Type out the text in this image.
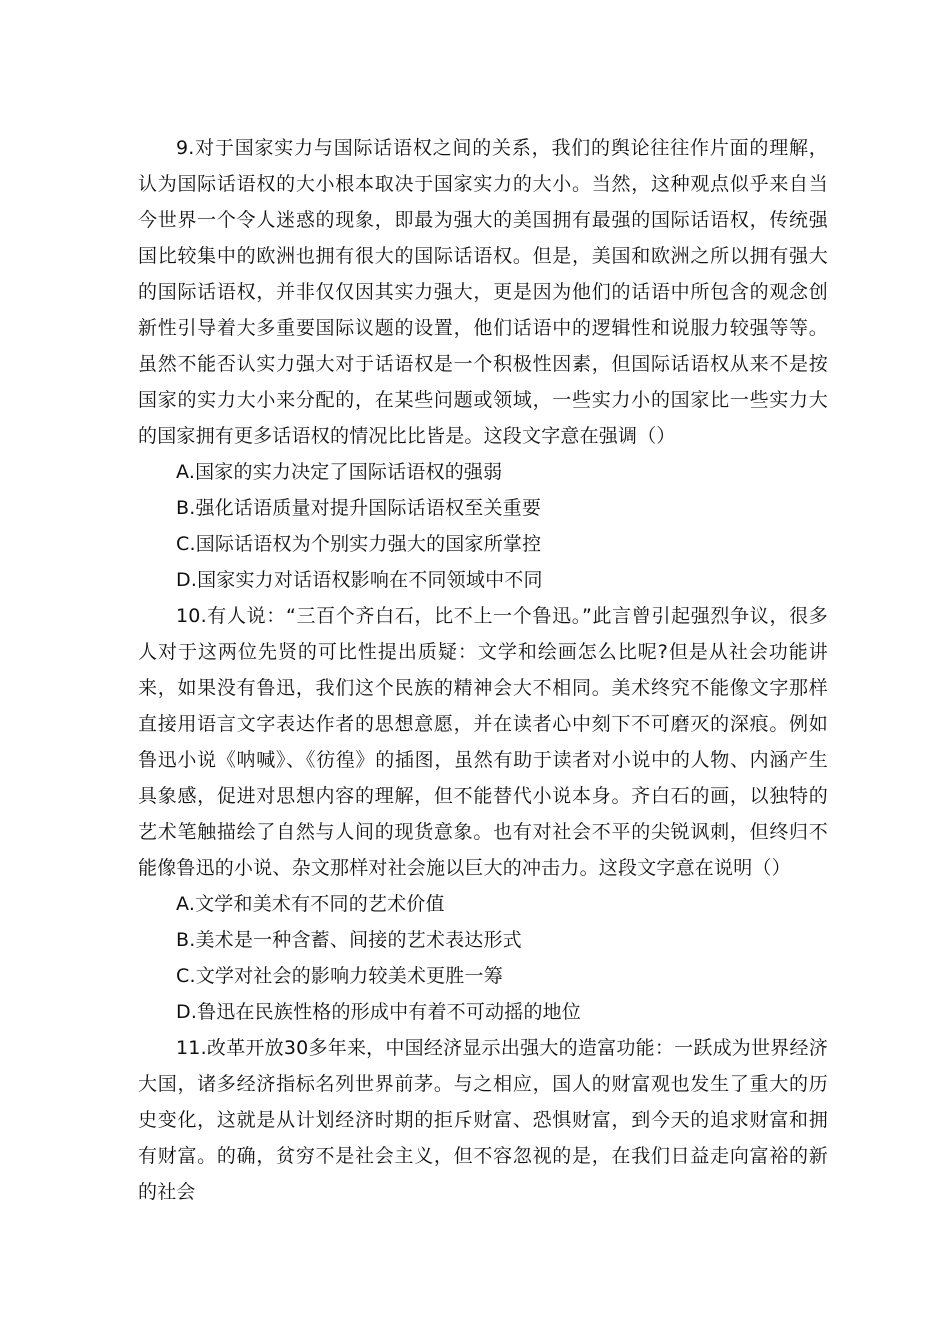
9.对于国家实力与国际话语权之间的关系，我们的舆论往往作片面的理解，认为国际话语权的大小根本取决于国家实力的大小。当然，这种观点似乎来自当今世界一个令人迷惑的现象，即最为强大的美国拥有最强的国际话语权，传统强国比较集中的欧洲也拥有很大的国际话语权。但是，美国和欧洲之所以拥有强大的国际话语权，并非仅仅因其实力强大，更是因为他们的话语中所包含的观念创新性引导着大多重要国际议题的设置，他们话语中的逻辑性和说服力较强等等。虽然不能否认实力强大对于话语权是一个积极性因素，但国际话语权从来不是按国家的实力大小来分配的，在某些问题或领域，一些实力小的国家比一些实力大的国家拥有更多话语权的情况比比皆是。这段文字意在强调（）

A.国家的实力决定了国际话语权的强弱

B.强化话语质量对提升国际话语权至关重要

C.国际话语权为个别实力强大的国家所掌控

D.国家实力对话语权影响在不同领域中不同

10.有人说：“三百个齐白石，比不上一个鲁迅。”此言曾引起强烈争议，很多人对于这两位先贤的可比性提出质疑：文学和绘画怎么比呢?但是从社会功能讲来，如果没有鲁迅，我们这个民族的精神会大不相同。美术终究不能像文字那样直接用语言文字表达作者的思想意愿，并在读者心中刻下不可磨灭的深痕。例如鲁迅小说《呐喊》、《彷徨》的插图，虽然有助于读者对小说中的人物、内涵产生具象感，促进对思想内容的理解，但不能替代小说本身。齐白石的画，以独特的艺术笔触描绘了自然与人间的现货意象。也有对社会不平的尖锐讽刺，但终归不能像鲁迅的小说、杂文那样对社会施以巨大的冲击力。这段文字意在说明（）

A.文学和美术有不同的艺术价值

B.美术是一种含蓄、间接的艺术表达形式

C.文学对社会的影响力较美术更胜一筹

D.鲁迅在民族性格的形成中有着不可动摇的地位

11.改革开放30多年来，中国经济显示出强大的造富功能：一跃成为世界经济大国，诸多经济指标名列世界前茅。与之相应，国人的财富观也发生了重大的历史变化，这就是从计划经济时期的拒斥财富、恐惧财富，到今天的追求财富和拥有财富。的确，贫穷不是社会主义，但不容忽视的是，在我们日益走向富裕的新的社会
